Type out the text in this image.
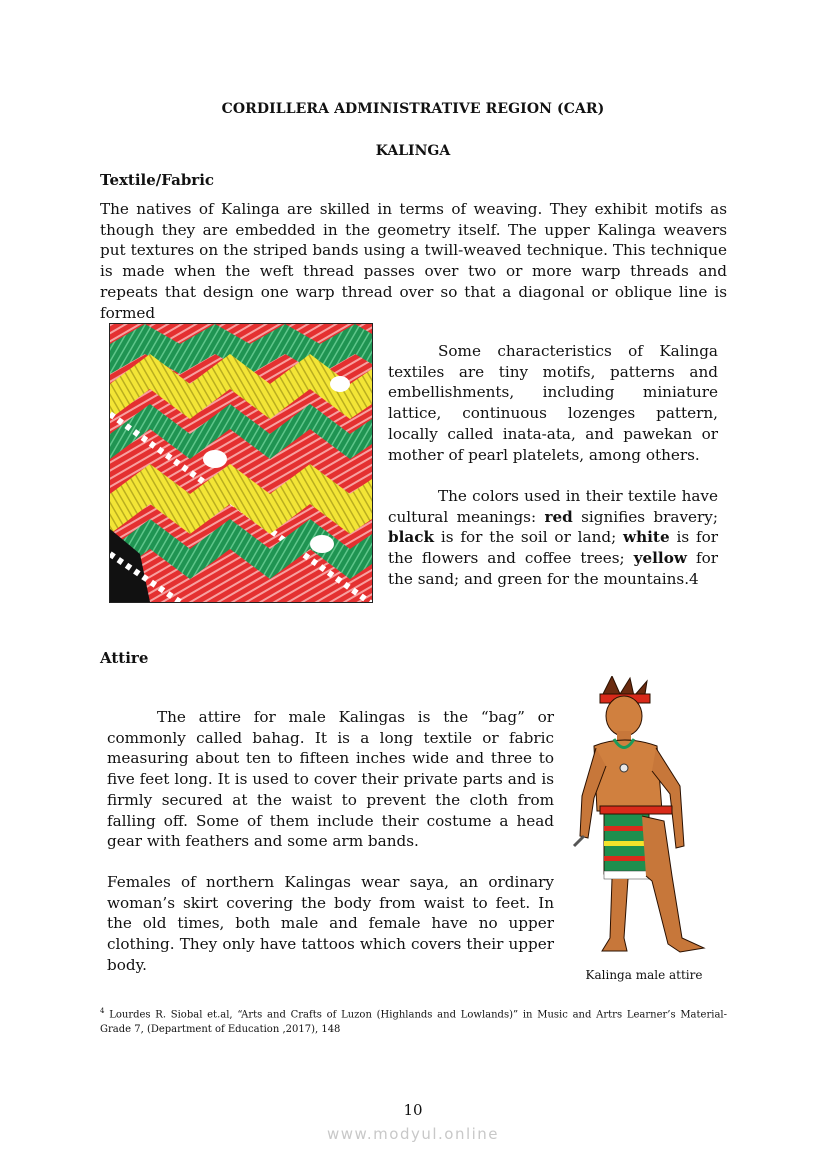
CORDILLERA ADMINISTRATIVE REGION (CAR)
KALINGA
Textile/Fabric
The natives of Kalinga are skilled in terms of weaving. They exhibit motifs as though they are embedded in the geometry itself. The upper Kalinga weavers put textures on the striped bands using a twill-weaved technique. This technique is made when the weft thread passes over two or more warp threads and repeats that design one warp thread over so that a diagonal or oblique line is formed
Some characteristics of Kalinga textiles are tiny motifs, patterns and embellishments, including miniature lattice, continuous lozenges pattern, locally called inata-ata, and pawekan or mother of pearl platelets, among others.
The colors used in their textile have cultural meanings: red signifies bravery; black is for the soil or land; white is for the flowers and coffee trees; yellow for the sand; and green for the mountains.4
Attire
The attire for male Kalingas is the “bag” or commonly called bahag. It is a long textile or fabric measuring about ten to fifteen inches wide and three to five feet long. It is used to cover their private parts and is firmly secured at the waist to prevent the cloth from falling off. Some of them include their costume a head gear with feathers and some arm bands.
Females of northern Kalingas wear saya, an ordinary woman’s skirt covering the body from waist to feet. In the old times, both male and female have no upper clothing. They only have tattoos which covers their upper body.
Kalinga male attire
$^4$ Lourdes R. Siobal et.al, “Arts and Crafts of Luzon (Highlands and Lowlands)” in Music and Artrs Learner’s Material-Grade 7, (Department of Education ,2017), 148
10
www.modyul.online
